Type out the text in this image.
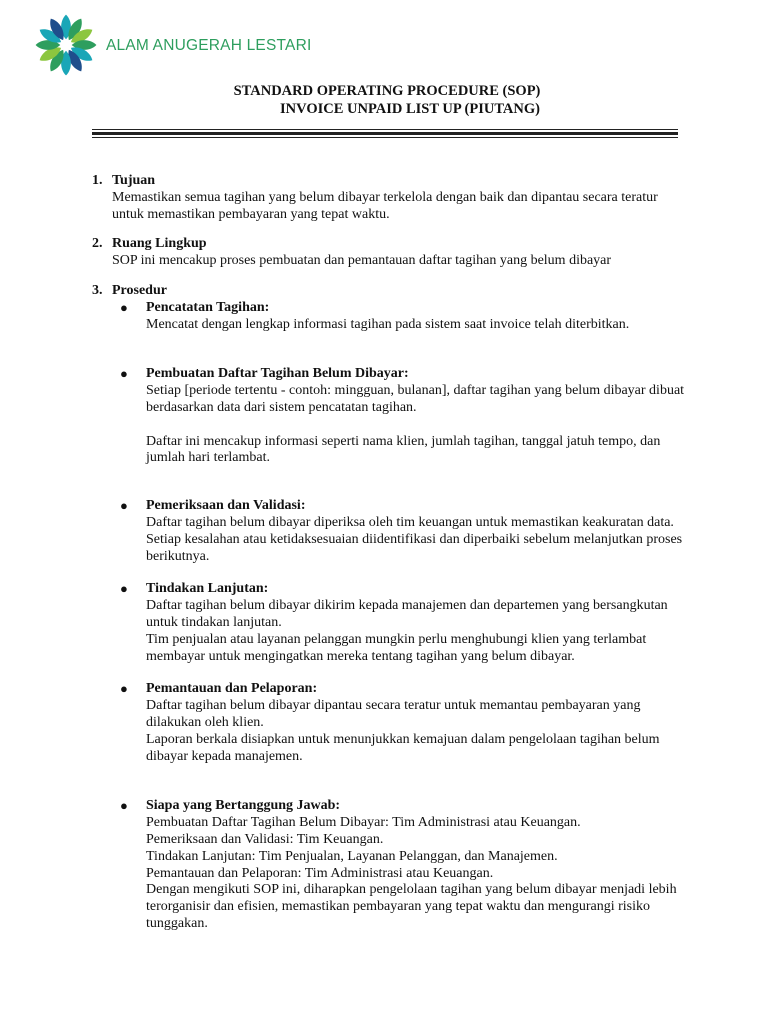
ALAM ANUGERAH LESTARI
STANDARD OPERATING PROCEDURE (SOP)
INVOICE UNPAID LIST UP (PIUTANG)
1. Tujuan
Memastikan semua tagihan yang belum dibayar terkelola dengan baik dan dipantau secara teratur untuk memastikan pembayaran yang tepat waktu.
2. Ruang Lingkup
SOP ini mencakup proses pembuatan dan pemantauan daftar tagihan yang belum dibayar
3. Prosedur
●	Pencatatan Tagihan:
Mencatat dengan lengkap informasi tagihan pada sistem saat invoice telah diterbitkan.
●	Pembuatan Daftar Tagihan Belum Dibayar:
Setiap [periode tertentu - contoh: mingguan, bulanan], daftar tagihan yang belum dibayar dibuat berdasarkan data dari sistem pencatatan tagihan.
Daftar ini mencakup informasi seperti nama klien, jumlah tagihan, tanggal jatuh tempo, dan jumlah hari terlambat.
●	Pemeriksaan dan Validasi:
Daftar tagihan belum dibayar diperiksa oleh tim keuangan untuk memastikan keakuratan data.
Setiap kesalahan atau ketidaksesuaian diidentifikasi dan diperbaiki sebelum melanjutkan proses berikutnya.
●	Tindakan Lanjutan:
Daftar tagihan belum dibayar dikirim kepada manajemen dan departemen yang bersangkutan untuk tindakan lanjutan.
Tim penjualan atau layanan pelanggan mungkin perlu menghubungi klien yang terlambat membayar untuk mengingatkan mereka tentang tagihan yang belum dibayar.
●	Pemantauan dan Pelaporan:
Daftar tagihan belum dibayar dipantau secara teratur untuk memantau pembayaran yang dilakukan oleh klien.
Laporan berkala disiapkan untuk menunjukkan kemajuan dalam pengelolaan tagihan belum dibayar kepada manajemen.
●	Siapa yang Bertanggung Jawab:
Pembuatan Daftar Tagihan Belum Dibayar: Tim Administrasi atau Keuangan.
Pemeriksaan dan Validasi: Tim Keuangan.
Tindakan Lanjutan: Tim Penjualan, Layanan Pelanggan, dan Manajemen.
Pemantauan dan Pelaporan: Tim Administrasi atau Keuangan.
Dengan mengikuti SOP ini, diharapkan pengelolaan tagihan yang belum dibayar menjadi lebih terorganisir dan efisien, memastikan pembayaran yang tepat waktu dan mengurangi risiko tunggakan.
